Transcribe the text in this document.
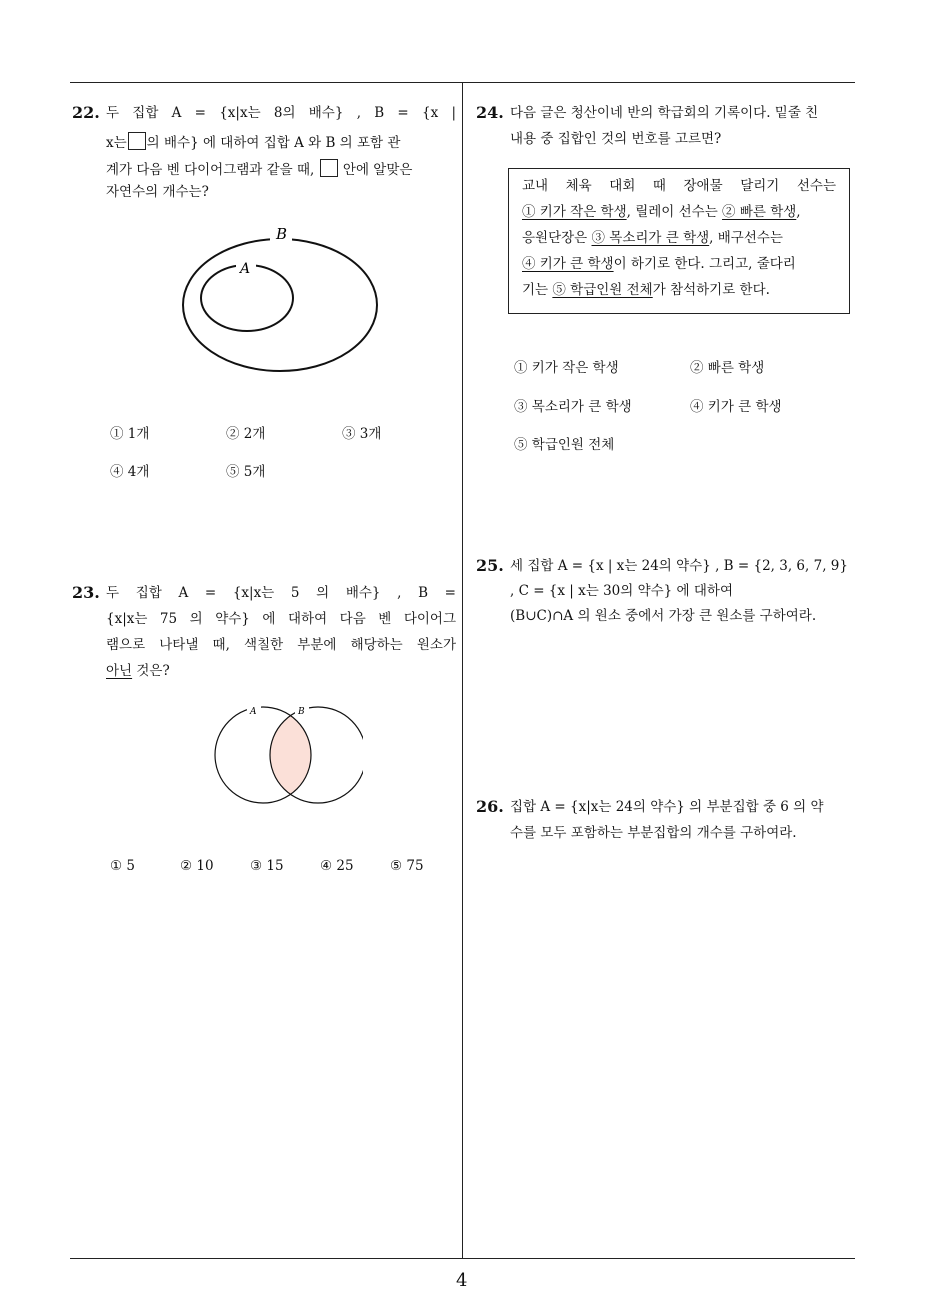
4
22. 두 집합 A = {x|x는 8의 배수} , B = {x |
x는 의 배수} 에 대하여 집합 A 와 B 의 포함 관
계가 다음 벤 다이어그램과 같을 때, 안에 알맞은
자연수의 개수는?
B
A
① 1개	② 2개	③ 3개
④ 4개	⑤ 5개
23. 두 집합 A = {x|x는 5 의 배수} , B =
{x|x는 75 의 약수} 에 대하여 다음 벤 다이어그
램으로 나타낼 때, 색칠한 부분에 해당하는 원소가
아닌 것은?
A	B
① 5	② 10	③ 15	④ 25	⑤ 75
24. 다음 글은 청산이네 반의 학급회의 기록이다. 밑줄 친
내용 중 집합인 것의 번호를 고르면?
교내 체육 대회 때 장애물 달리기 선수는
① 키가 작은 학생, 릴레이 선수는 ② 빠른 학생,
응원단장은 ③ 목소리가 큰 학생, 배구선수는
④ 키가 큰 학생이 하기로 한다. 그리고, 줄다리
기는 ⑤ 학급인원 전체가 참석하기로 한다.
① 키가 작은 학생	② 빠른 학생
③ 목소리가 큰 학생	④ 키가 큰 학생
⑤ 학급인원 전체
25. 세 집합 A = {x | x는 24의 약수} , B = {2, 3, 6, 7, 9}
, C = {x | x는 30의 약수} 에 대하여
(B∪C)∩A 의 원소 중에서 가장 큰 원소를 구하여라.
26. 집합 A = {x|x는 24의 약수} 의 부분집합 중 6 의 약
수를 모두 포함하는 부분집합의 개수를 구하여라.
